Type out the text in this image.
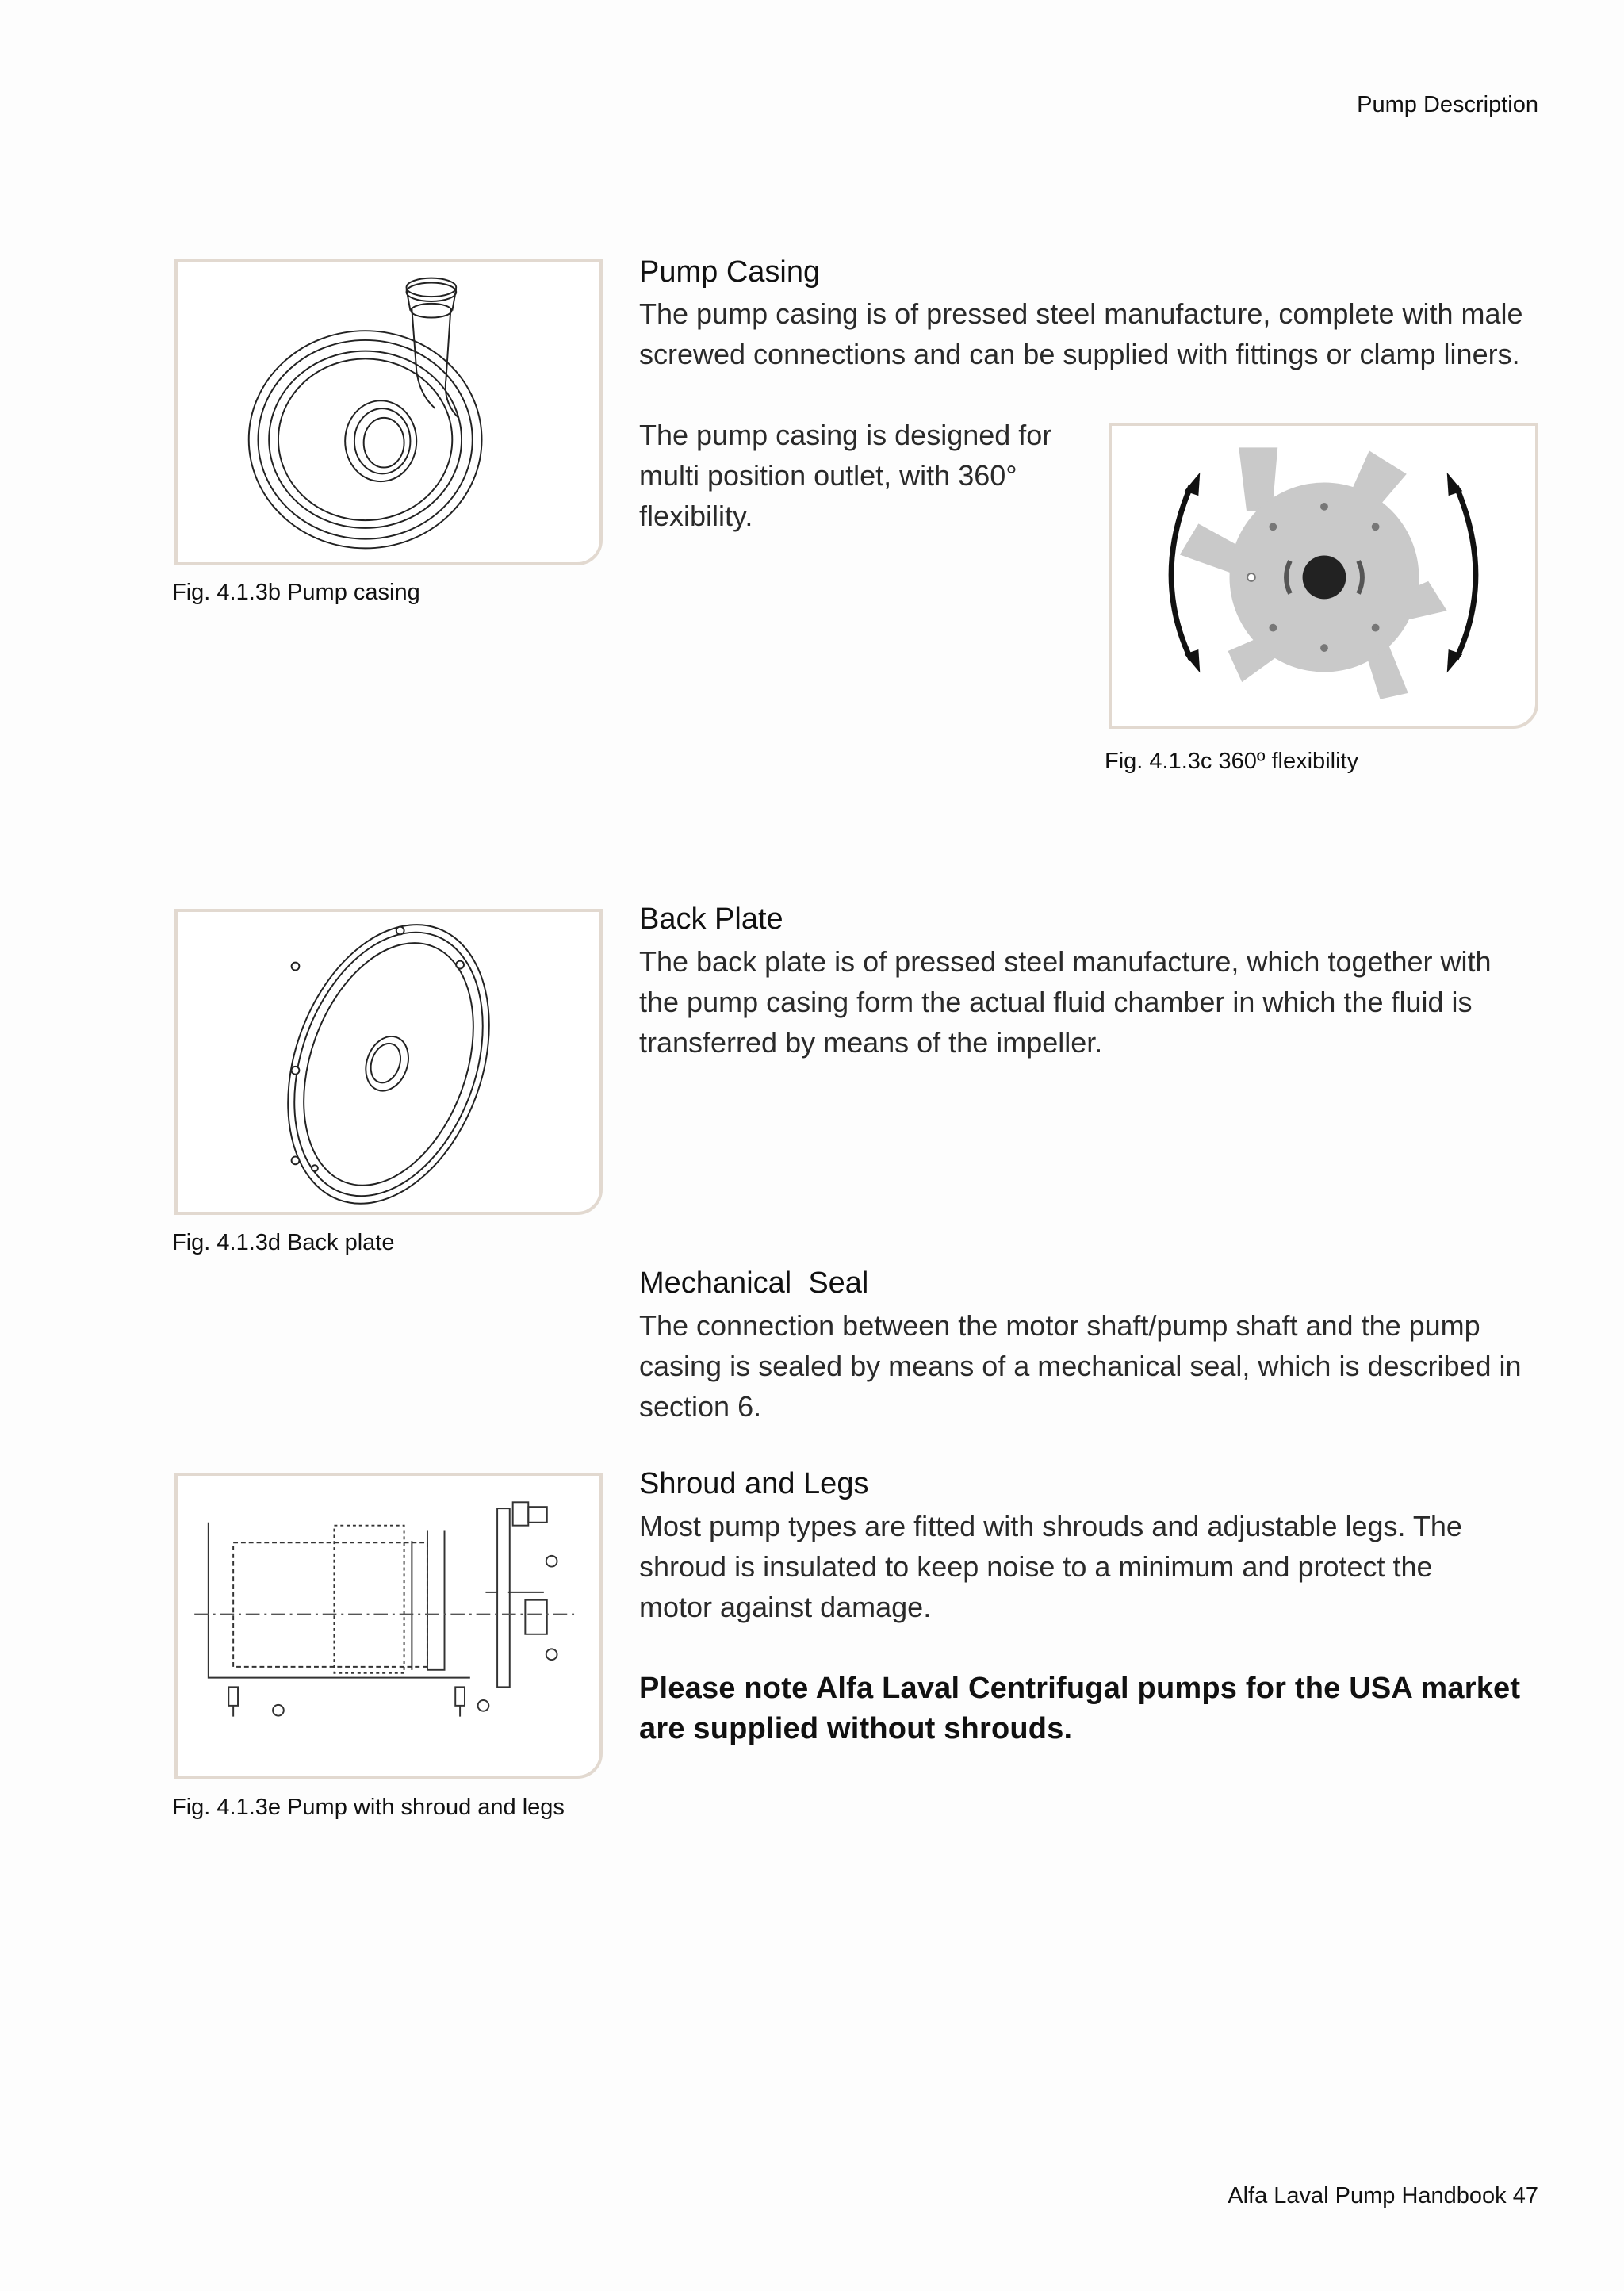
Pump Description
Fig. 4.1.3b Pump casing
Pump Casing
The pump casing is of pressed steel manufacture, complete with male
screwed connections and can be supplied with fittings or clamp liners.
The pump casing is designed for
multi position outlet, with 360°
flexibility.
Fig. 4.1.3c 360º flexibility
Fig. 4.1.3d Back plate
Back Plate
The back plate is of pressed steel manufacture, which together with
the pump casing form the actual fluid chamber in which the fluid is
transferred by means of the impeller.
Mechanical  Seal
The connection between the motor shaft/pump shaft and the pump
casing is sealed by means of a mechanical seal, which is described in
section 6.
Fig. 4.1.3e Pump with shroud and legs
Shroud and Legs
Most pump types are fitted with shrouds and adjustable legs. The
shroud is insulated to keep noise to a minimum and protect the
motor against damage.
Please note Alfa Laval Centrifugal pumps for the USA market
are supplied without shrouds.
Alfa Laval Pump Handbook 47
